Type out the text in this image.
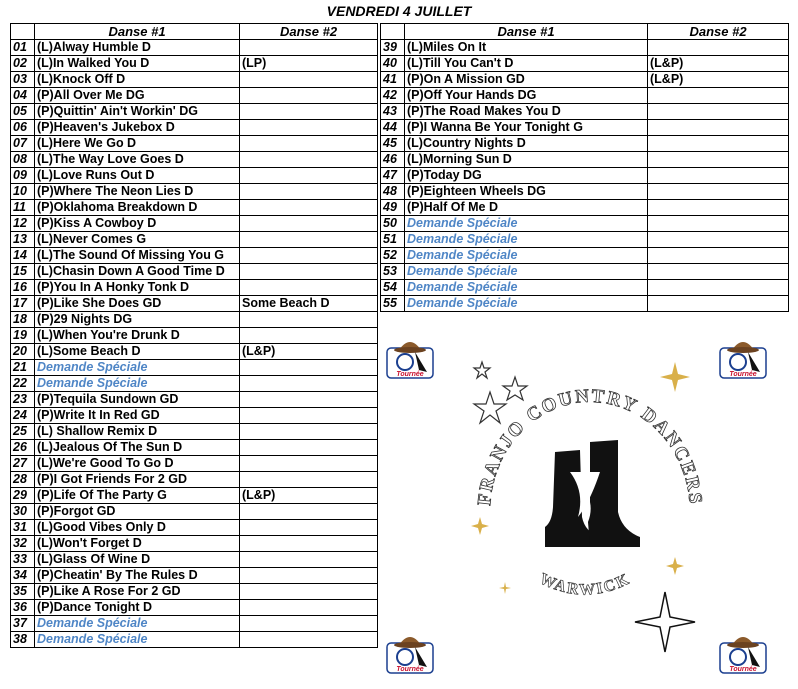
VENDREDI 4 JUILLET
	Danse #1	Danse #2
01	(L)Alway Humble D	
02	(L)In Walked You D	(LP)
03	(L)Knock Off D	
04	(P)All Over Me DG	
05	(P)Quittin' Ain't Workin' DG	
06	(P)Heaven's Jukebox D	
07	(L)Here We Go D	
08	(L)The Way Love Goes D	
09	(L)Love Runs Out D	
10	(P)Where The Neon Lies D	
11	(P)Oklahoma Breakdown D	
12	(P)Kiss A Cowboy D	
13	(L)Never Comes G	
14	(L)The Sound Of Missing You G	
15	(L)Chasin Down A Good Time D	
16	(P)You In A Honky Tonk D	
17	(P)Like She Does GD	Some Beach D
18	(P)29 Nights DG	
19	(L)When You're Drunk D	
20	(L)Some Beach D	(L&P)
21	Demande Spéciale	
22	Demande Spéciale	
23	(P)Tequila Sundown GD	
24	(P)Write It In Red GD	
25	(L) Shallow Remix D	
26	(L)Jealous Of The Sun D	
27	(L)We're Good To Go D	
28	(P)I Got Friends For 2 GD	
29	(P)Life Of The Party G	(L&P)
30	(P)Forgot GD	
31	(L)Good Vibes Only D	
32	(L)Won't Forget D	
33	(L)Glass Of Wine D	
34	(P)Cheatin' By The Rules D	
35	(P)Like A Rose For 2 GD	
36	(P)Dance Tonight D	
37	Demande Spéciale	
38	Demande Spéciale	
	Danse #1	Danse #2
39	(L)Miles On It	
40	(L)Till You Can't D	(L&P)
41	(P)On A Mission GD	(L&P)
42	(P)Off Your Hands DG	
43	(P)The Road Makes You D	
44	(P)I Wanna Be Your Tonight G	
45	(L)Country Nights D	
46	(L)Morning Sun D	
47	(P)Today DG	
48	(P)Eighteen Wheels DG	
49	(P)Half Of Me D	
50	Demande Spéciale	
51	Demande Spéciale	
52	Demande Spéciale	
53	Demande Spéciale	
54	Demande Spéciale	
55	Demande Spéciale	
Tournée	Tournée
Tournée	Tournée
FRANJO COUNTRY DANCERS
WARWICK
